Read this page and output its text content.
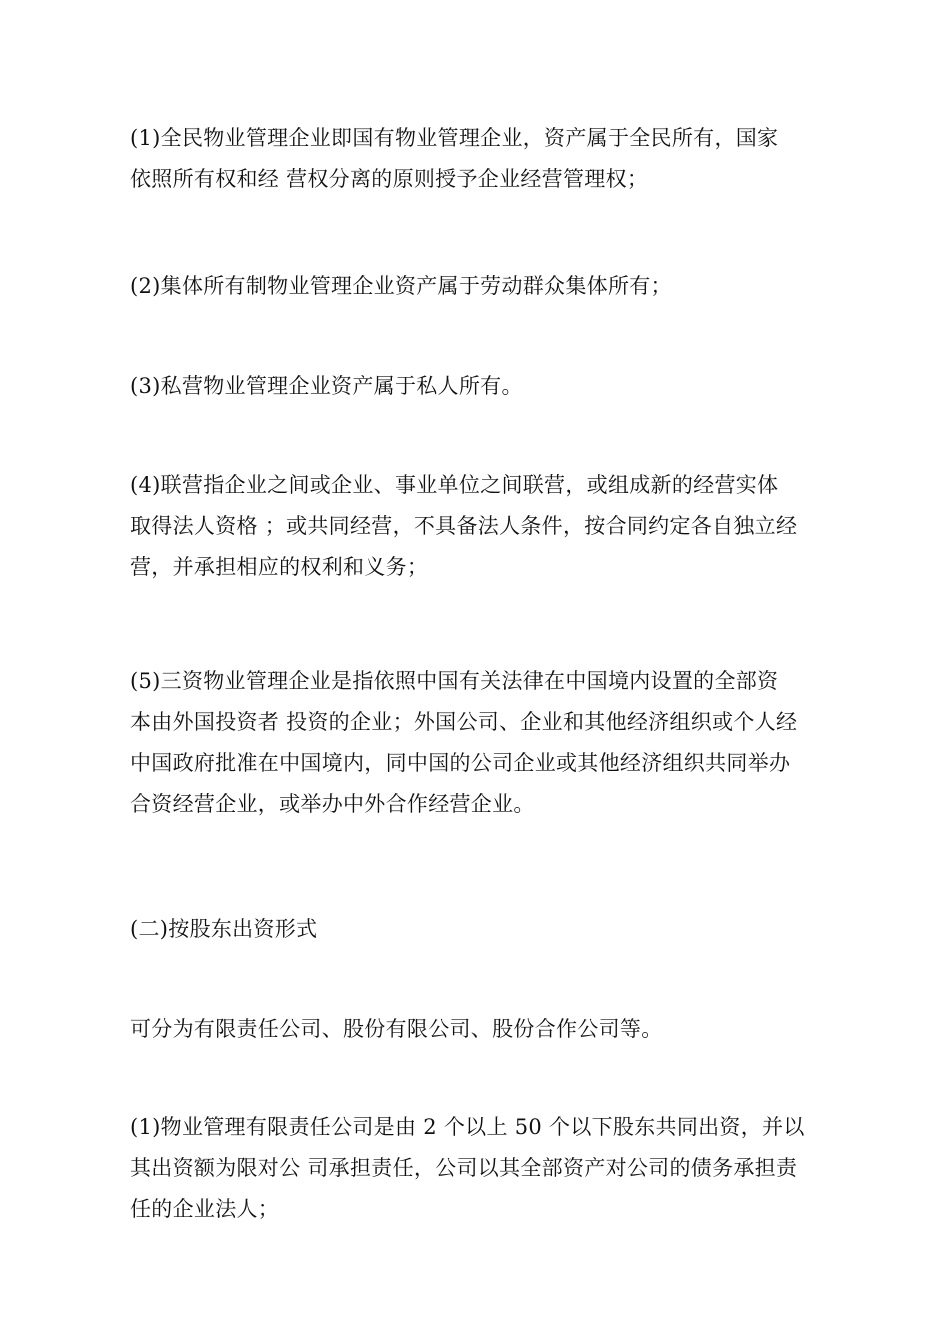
(1)全民物业管理企业即国有物业管理企业，资产属于全民所有，国家
依照所有权和经 营权分离的原则授予企业经营管理权；
(2)集体所有制物业管理企业资产属于劳动群众集体所有；
(3)私营物业管理企业资产属于私人所有。
(4)联营指企业之间或企业、事业单位之间联营，或组成新的经营实体
取得法人资格 ；或共同经营，不具备法人条件，按合同约定各自独立经
营，并承担相应的权利和义务；
(5)三资物业管理企业是指依照中国有关法律在中国境内设置的全部资
本由外国投资者 投资的企业；外国公司、企业和其他经济组织或个人经
中国政府批准在中国境内，同中国的公司企业或其他经济组织共同举办
合资经营企业，或举办中外合作经营企业。
(二)按股东出资形式
可分为有限责任公司、股份有限公司、股份合作公司等。
(1)物业管理有限责任公司是由 2 个以上 50 个以下股东共同出资，并以
其出资额为限对公 司承担责任，公司以其全部资产对公司的债务承担责
任的企业法人；
